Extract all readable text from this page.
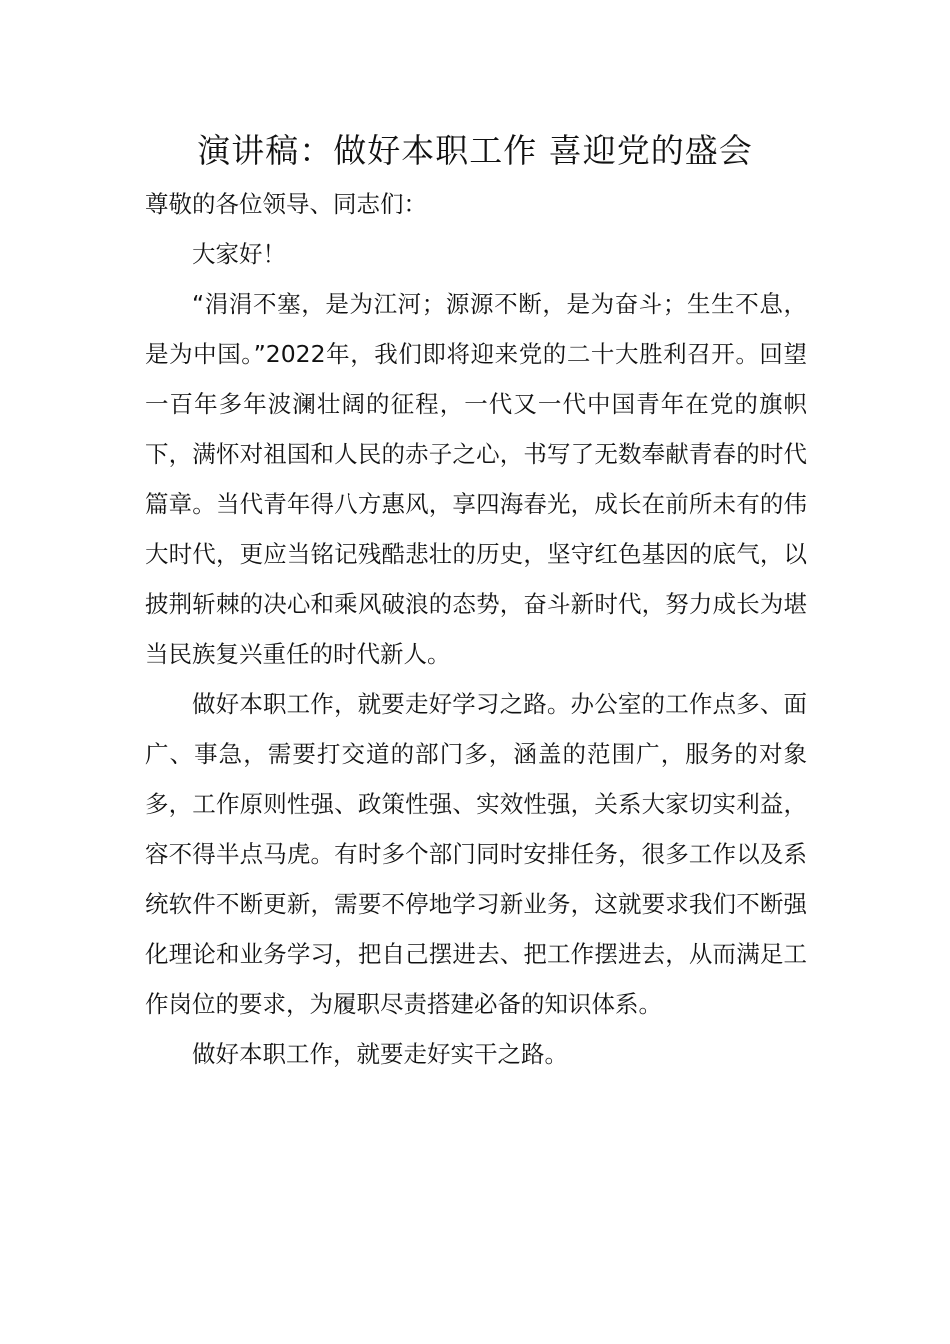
演讲稿：做好本职工作 喜迎党的盛会

尊敬的各位领导、同志们：

大家好！

“涓涓不塞，是为江河；源源不断，是为奋斗；生生不息，是为中国。”2022年，我们即将迎来党的二十大胜利召开。回望一百年多年波澜壮阔的征程，一代又一代中国青年在党的旗帜下，满怀对祖国和人民的赤子之心，书写了无数奉献青春的时代篇章。当代青年得八方惠风，享四海春光，成长在前所未有的伟大时代，更应当铭记残酷悲壮的历史，坚守红色基因的底气，以披荆斩棘的决心和乘风破浪的态势，奋斗新时代，努力成长为堪当民族复兴重任的时代新人。

做好本职工作，就要走好学习之路。办公室的工作点多、面广、事急，需要打交道的部门多，涵盖的范围广，服务的对象多，工作原则性强、政策性强、实效性强，关系大家切实利益，容不得半点马虎。有时多个部门同时安排任务，很多工作以及系统软件不断更新，需要不停地学习新业务，这就要求我们不断强化理论和业务学习，把自己摆进去、把工作摆进去，从而满足工作岗位的要求，为履职尽责搭建必备的知识体系。

做好本职工作，就要走好实干之路。
